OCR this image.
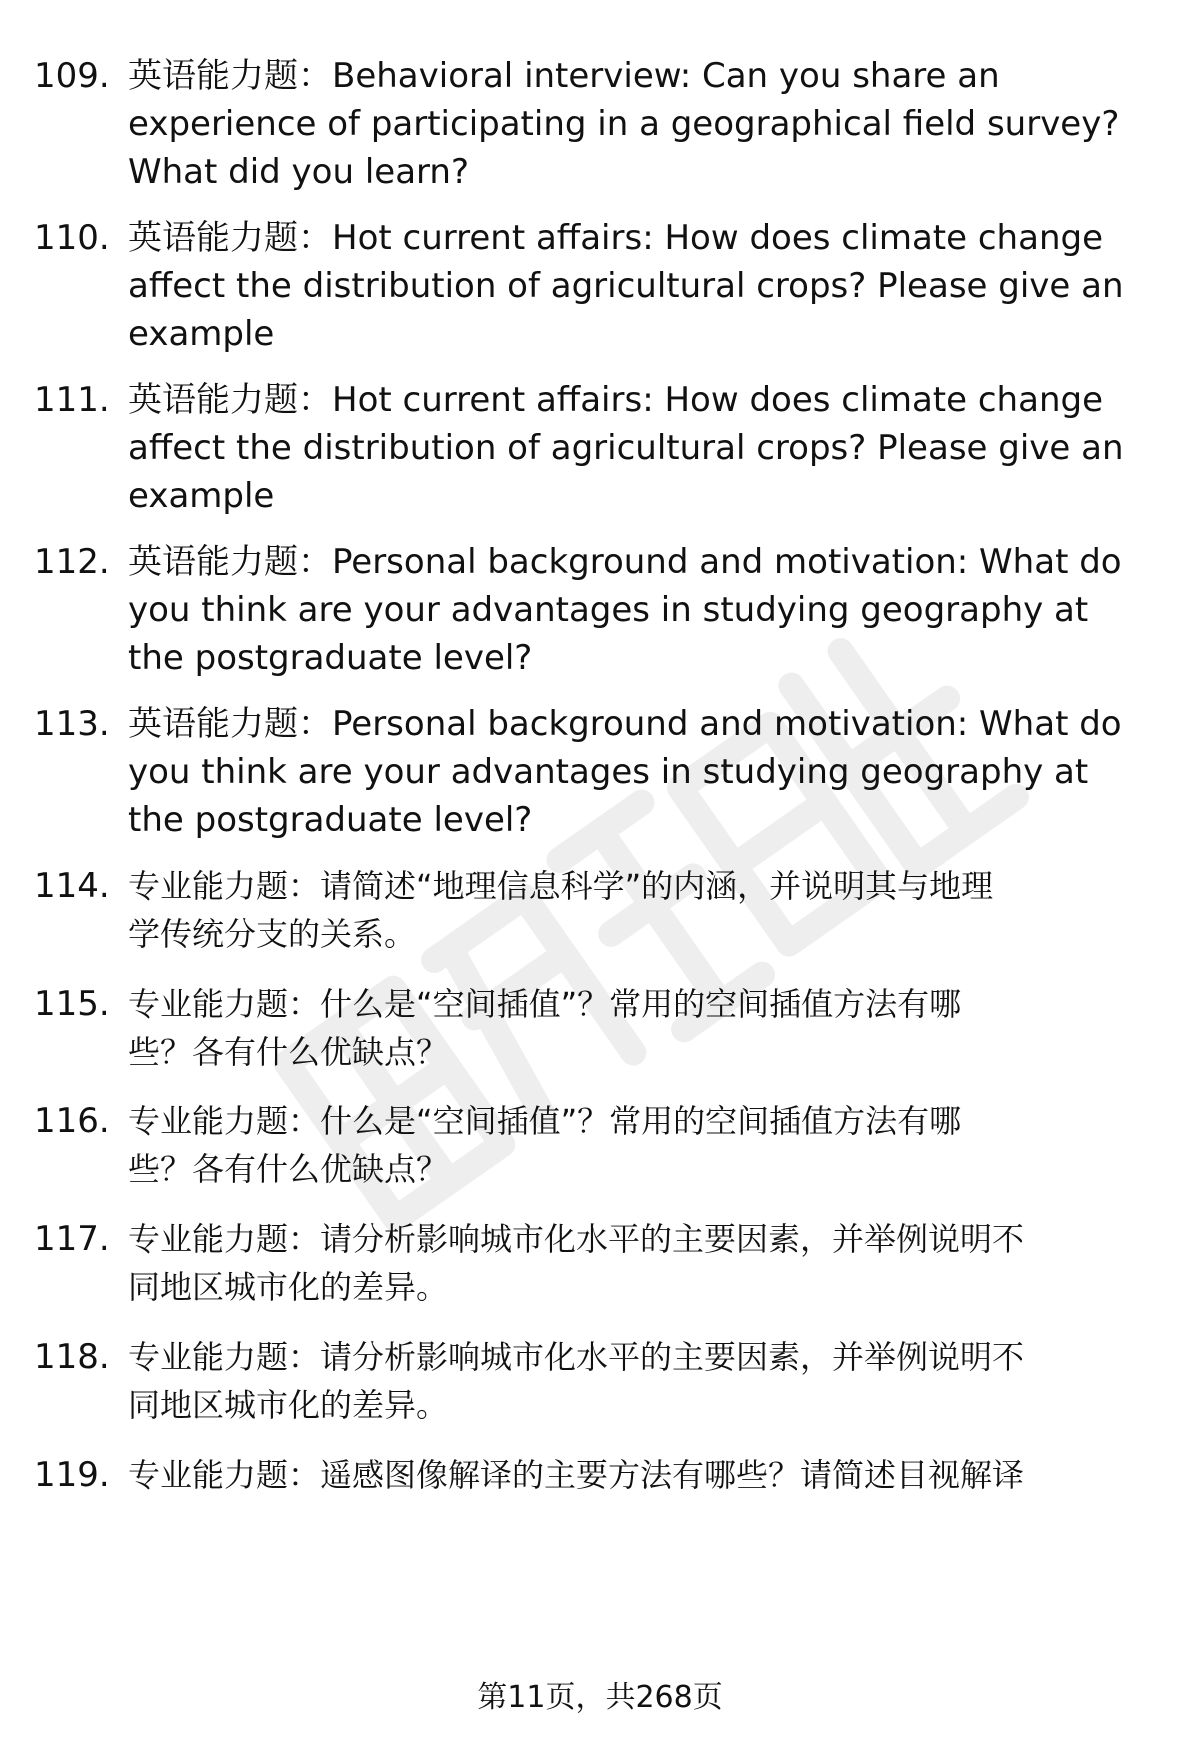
109. 英语能力题：Behavioral interview: Can you share an
experience of participating in a geographical field survey?
What did you learn?
110. 英语能力题：Hot current affairs: How does climate change
affect the distribution of agricultural crops? Please give an
example
111. 英语能力题：Hot current affairs: How does climate change
affect the distribution of agricultural crops? Please give an
example
112. 英语能力题：Personal background and motivation: What do
you think are your advantages in studying geography at
the postgraduate level?
113. 英语能力题：Personal background and motivation: What do
you think are your advantages in studying geography at
the postgraduate level?
114. 专业能力题：请简述“地理信息科学”的内涵，并说明其与地理
学传统分支的关系。
115. 专业能力题：什么是“空间插值”？常用的空间插值方法有哪
些？各有什么优缺点？
116. 专业能力题：什么是“空间插值”？常用的空间插值方法有哪
些？各有什么优缺点？
117. 专业能力题：请分析影响城市化水平的主要因素，并举例说明不
同地区城市化的差异。
118. 专业能力题：请分析影响城市化水平的主要因素，并举例说明不
同地区城市化的差异。
119. 专业能力题：遥感图像解译的主要方法有哪些？请简述目视解译
第11页，共268页
